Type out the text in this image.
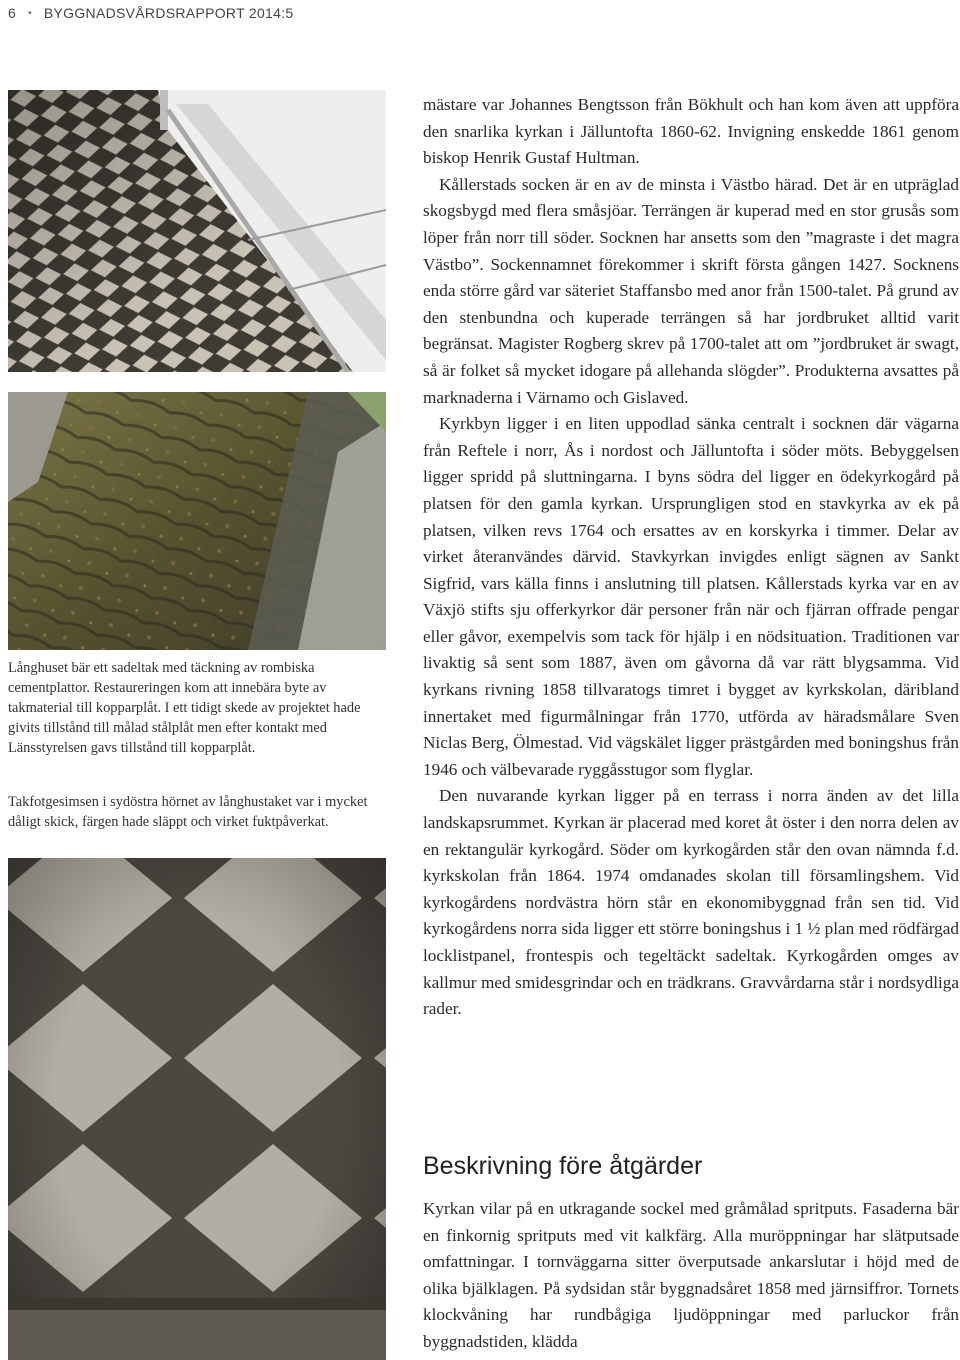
6 • BYGGNADSVÅRDSRAPPORT 2014:5

Långhuset bär ett sadeltak med täckning av rombiska cementplattor. Restaureringen kom att innebära byte av takmaterial till kopparplåt. I ett tidigt skede av projektet hade givits tillstånd till målad stålplåt men efter kontakt med Länsstyrelsen gavs tillstånd till kopparplåt.

Takfotgesimsen i sydöstra hörnet av långhustaket var i mycket dåligt skick, färgen hade släppt och virket fuktpåverkat.

mästare var Johannes Bengtsson från Bökhult och han kom även att uppföra den snarlika kyrkan i Jälluntofta 1860-62. Invigning enskedde 1861 genom biskop Henrik Gustaf Hultman.

Kållerstads socken är en av de minsta i Västbo härad. Det är en utpräglad skogsbygd med flera småsjöar. Terrängen är kuperad med en stor grusås som löper från norr till söder. Socknen har ansetts som den ”magraste i det magra Västbo”. Sockennamnet förekommer i skrift första gången 1427. Socknens enda större gård var säteriet Staffansbo med anor från 1500-talet. På grund av den stenbundna och kuperade terrängen så har jordbruket alltid varit begränsat. Magister Rogberg skrev på 1700-talet att om ”jordbruket är swagt, så är folket så mycket idogare på allehanda slögder”. Produkterna avsattes på marknaderna i Värnamo och Gislaved.

Kyrkbyn ligger i en liten uppodlad sänka centralt i socknen där vägarna från Reftele i norr, Ås i nordost och Jälluntofta i söder möts. Bebyggelsen ligger spridd på sluttningarna. I byns södra del ligger en ödekyrkogård på platsen för den gamla kyrkan. Ursprungligen stod en stavkyrka av ek på platsen, vilken revs 1764 och ersattes av en korskyrka i timmer. Delar av virket återanvändes därvid. Stavkyrkan invigdes enligt sägnen av Sankt Sigfrid, vars källa finns i anslutning till platsen. Kållerstads kyrka var en av Växjö stifts sju offerkyrkor där personer från när och fjärran offrade pengar eller gåvor, exempelvis som tack för hjälp i en nödsituation. Traditionen var livaktig så sent som 1887, även om gåvorna då var rätt blygsamma. Vid kyrkans rivning 1858 tillvaratogs timret i bygget av kyrkskolan, däribland innertaket med figurmålningar från 1770, utförda av häradsmålare Sven Niclas Berg, Ölmestad. Vid vägskälet ligger prästgården med boningshus från 1946 och välbevarade ryggåsstugor som flyglar.

Den nuvarande kyrkan ligger på en terrass i norra änden av det lilla landskapsrummet. Kyrkan är placerad med koret åt öster i den norra delen av en rektangulär kyrkogård. Söder om kyrkogården står den ovan nämnda f.d. kyrkskolan från 1864. 1974 omdanades skolan till församlingshem. Vid kyrkogårdens nordvästra hörn står en ekonomibyggnad från sen tid. Vid kyrkogårdens norra sida ligger ett större boningshus i 1 ½ plan med rödfärgad locklistpanel, frontespis och tegeltäckt sadeltak. Kyrkogården omges av kallmur med smidesgrindar och en trädkrans. Gravvårdarna står i nordsydliga rader.

Beskrivning före åtgärder

Kyrkan vilar på en utkragande sockel med gråmålad spritputs. Fasaderna bär en finkornig spritputs med vit kalkfärg. Alla muröppningar har slätputsade omfattningar. I tornväggarna sitter överputsade ankarslutar i höjd med de olika bjälklagen. På sydsidan står byggnadsåret 1858 med järnsiffror. Tornets klockvåning har rundbågiga ljudöppningar med parluckor från byggnadstiden, klädda
